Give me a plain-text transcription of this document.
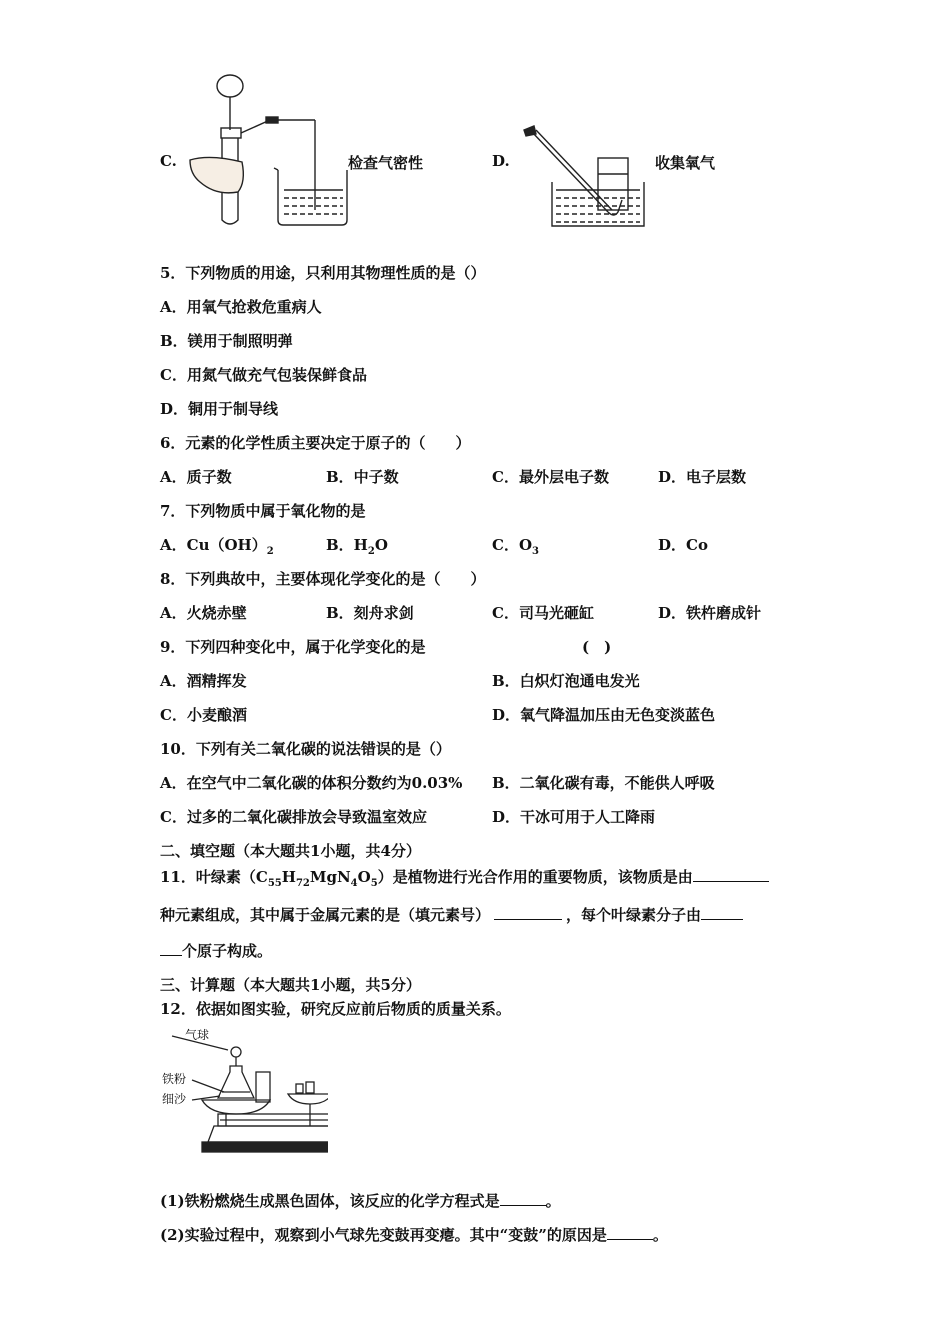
C.	检查气密性	D.	收集氧气
5．下列物质的用途，只利用其物理性质的是（）
A．用氧气抢救危重病人
B．镁用于制照明弹
C．用氮气做充气包装保鲜食品
D．铜用于制导线
6．元素的化学性质主要决定于原子的（　　）
A．质子数	B．中子数	C．最外层电子数	D．电子层数
7．下列物质中属于氧化物的是
A．$Cu(OH)_2$	B．$H_2O$	C．$O_3$	D．Co
8．下列典故中，主要体现化学变化的是（　　）
A．火烧赤壁	B．刻舟求剑	C．司马光砸缸	D．铁杵磨成针
9．下列四种变化中，属于化学变化的是	(　)
A．酒精挥发	B．白炽灯泡通电发光
C．小麦酿酒	D．氧气降温加压由无色变淡蓝色
10．下列有关二氧化碳的说法错误的是（）
A．在空气中二氧化碳的体积分数约为0.03% B．二氧化碳有毒，不能供人呼吸
C．过多的二氧化碳排放会导致温室效应	D．干冰可用于人工降雨
二、填空题（本大题共1小题，共4分）
11．叶绿素$(C_{55}H_{72}MgN_4O_5)$是植物进行光合作用的重要物质，该物质是由
种元素组成，其中属于金属元素的是（填元素号）	，每个叶绿素分子由
个原子构成。
三、计算题（本大题共1小题，共5分）
12．依据如图实验，研究反应前后物质的质量关系。
气球
铁粉
细沙
(1)铁粉燃烧生成黑色固体，该反应的化学方程式是	。
(2)实验过程中，观察到小气球先变鼓再变瘪。其中“变鼓”的原因是	。
